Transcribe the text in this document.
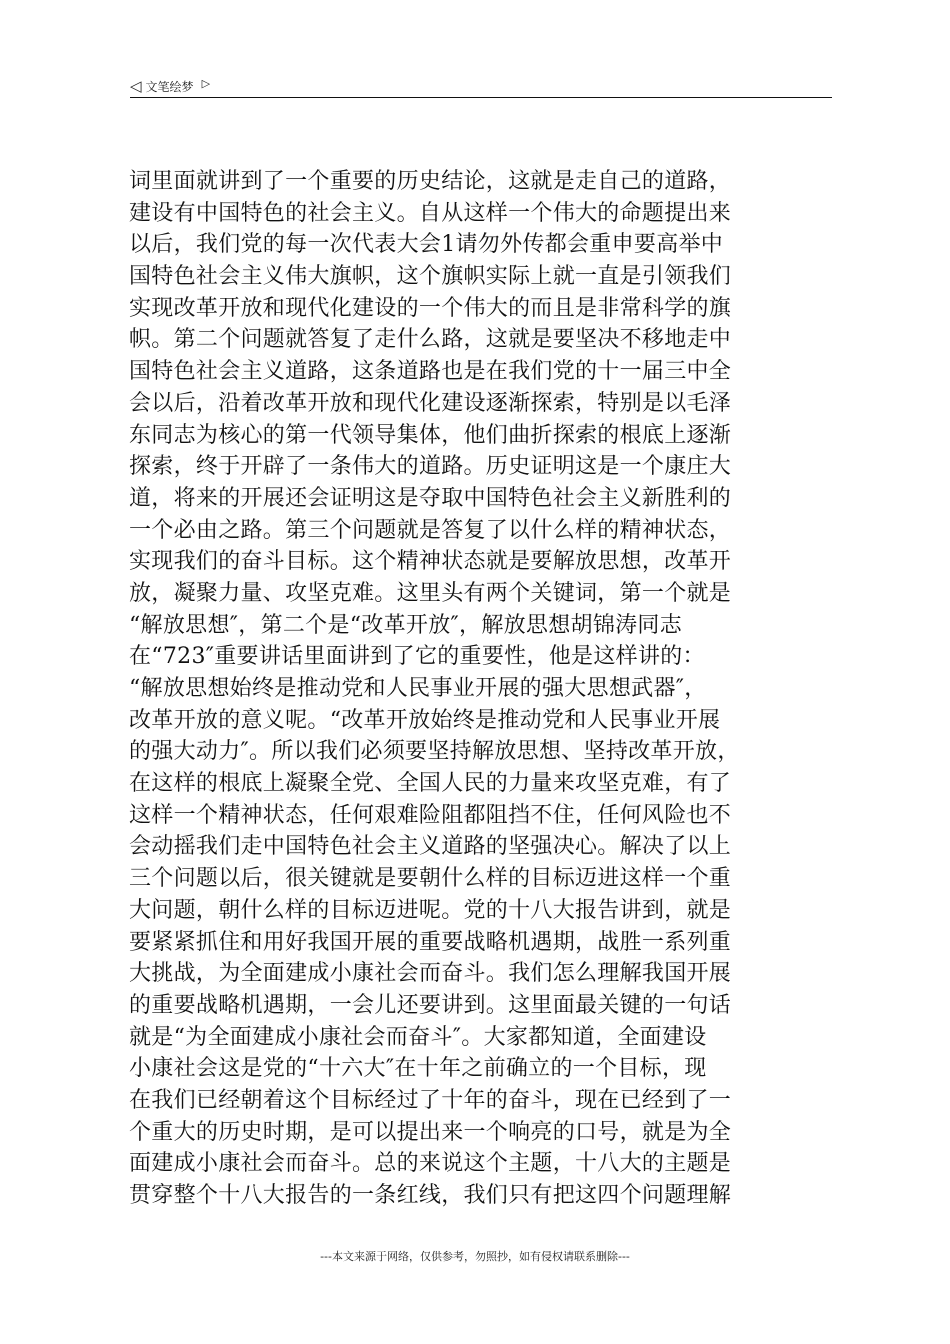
◁ 文笔绘梦 ▷
词里面就讲到了一个重要的历史结论，这就是走自己的道路，
建设有中国特色的社会主义。自从这样一个伟大的命题提出来
以后，我们党的每一次代表大会1请勿外传都会重申要高举中
国特色社会主义伟大旗帜，这个旗帜实际上就一直是引领我们
实现改革开放和现代化建设的一个伟大的而且是非常科学的旗
帜。第二个问题就答复了走什么路，这就是要坚决不移地走中
国特色社会主义道路，这条道路也是在我们党的十一届三中全
会以后，沿着改革开放和现代化建设逐渐探索，特别是以毛泽
东同志为核心的第一代领导集体，他们曲折探索的根底上逐渐
探索，终于开辟了一条伟大的道路。历史证明这是一个康庄大
道，将来的开展还会证明这是夺取中国特色社会主义新胜利的
一个必由之路。第三个问题就是答复了以什么样的精神状态，
实现我们的奋斗目标。这个精神状态就是要解放思想，改革开
放，凝聚力量、攻坚克难。这里头有两个关键词，第一个就是
“解放思想″，第二个是“改革开放″，解放思想胡锦涛同志
在“723″重要讲话里面讲到了它的重要性，他是这样讲的：
“解放思想始终是推动党和人民事业开展的强大思想武器″，
改革开放的意义呢。“改革开放始终是推动党和人民事业开展
的强大动力″。所以我们必须要坚持解放思想、坚持改革开放，
在这样的根底上凝聚全党、全国人民的力量来攻坚克难，有了
这样一个精神状态，任何艰难险阻都阻挡不住，任何风险也不
会动摇我们走中国特色社会主义道路的坚强决心。解决了以上
三个问题以后，很关键就是要朝什么样的目标迈进这样一个重
大问题，朝什么样的目标迈进呢。党的十八大报告讲到，就是
要紧紧抓住和用好我国开展的重要战略机遇期，战胜一系列重
大挑战，为全面建成小康社会而奋斗。我们怎么理解我国开展
的重要战略机遇期，一会儿还要讲到。这里面最关键的一句话
就是“为全面建成小康社会而奋斗″。大家都知道，全面建设
小康社会这是党的“十六大″在十年之前确立的一个目标，现
在我们已经朝着这个目标经过了十年的奋斗，现在已经到了一
个重大的历史时期，是可以提出来一个响亮的口号，就是为全
面建成小康社会而奋斗。总的来说这个主题，十八大的主题是
贯穿整个十八大报告的一条红线，我们只有把这四个问题理解
---本文来源于网络，仅供参考，勿照抄，如有侵权请联系删除---
